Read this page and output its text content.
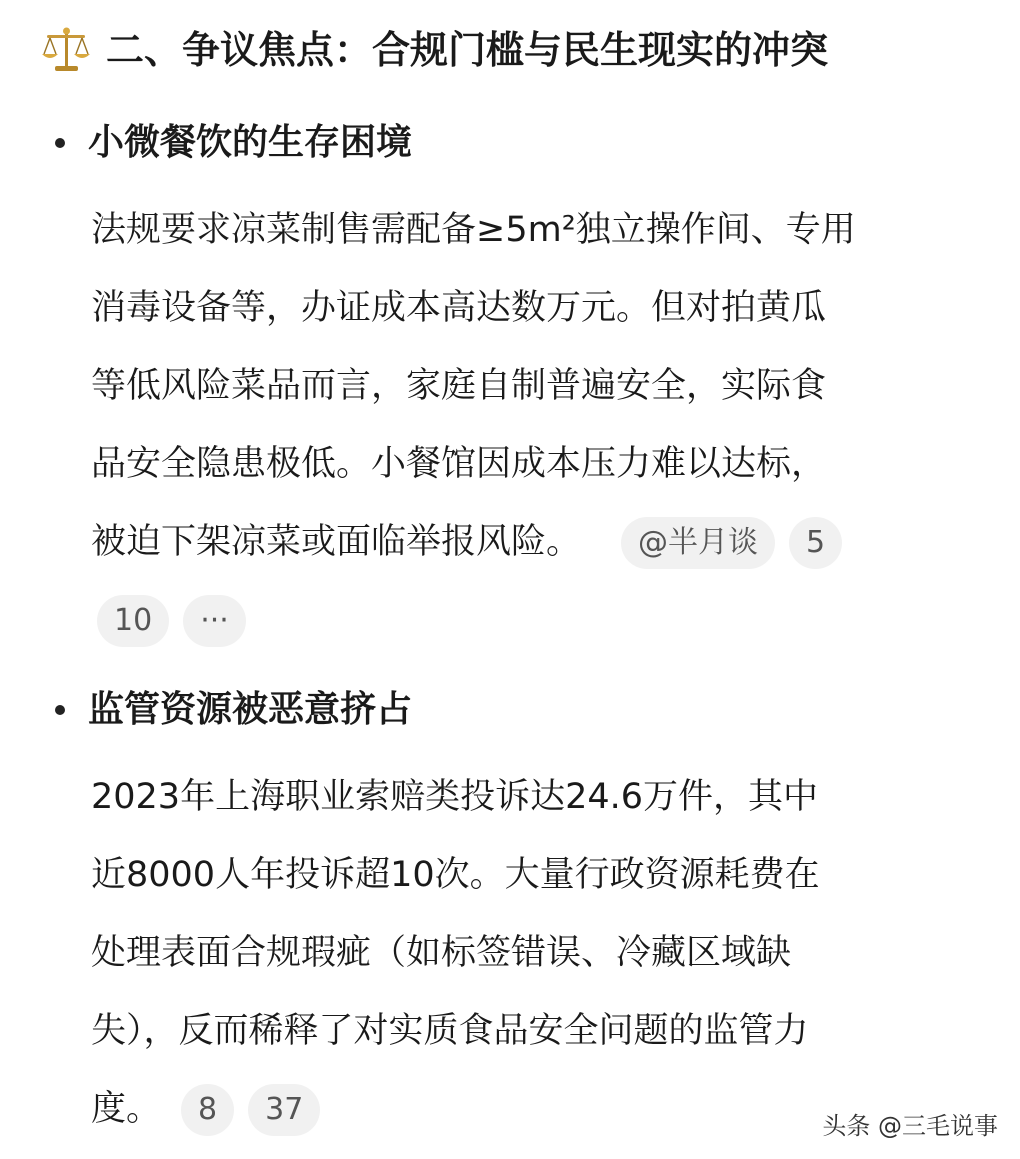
二、争议焦点：合规门槛与民生现实的冲突
小微餐饮的生存困境
法规要求凉菜制售需配备≥5m²独立操作间、专用
消毒设备等，办证成本高达数万元。但对拍黄瓜
等低风险菜品而言，家庭自制普遍安全，实际食
品安全隐患极低。小餐馆因成本压力难以达标，
被迫下架凉菜或面临举报风险。 @半月谈 5
10 ···
监管资源被恶意挤占
2023年上海职业索赔类投诉达24.6万件，其中
近8000人年投诉超10次。大量行政资源耗费在
处理表面合规瑕疵（如标签错误、冷藏区域缺
失），反而稀释了对实质食品安全问题的监管力
度。 8 37	头条 @三毛说事
